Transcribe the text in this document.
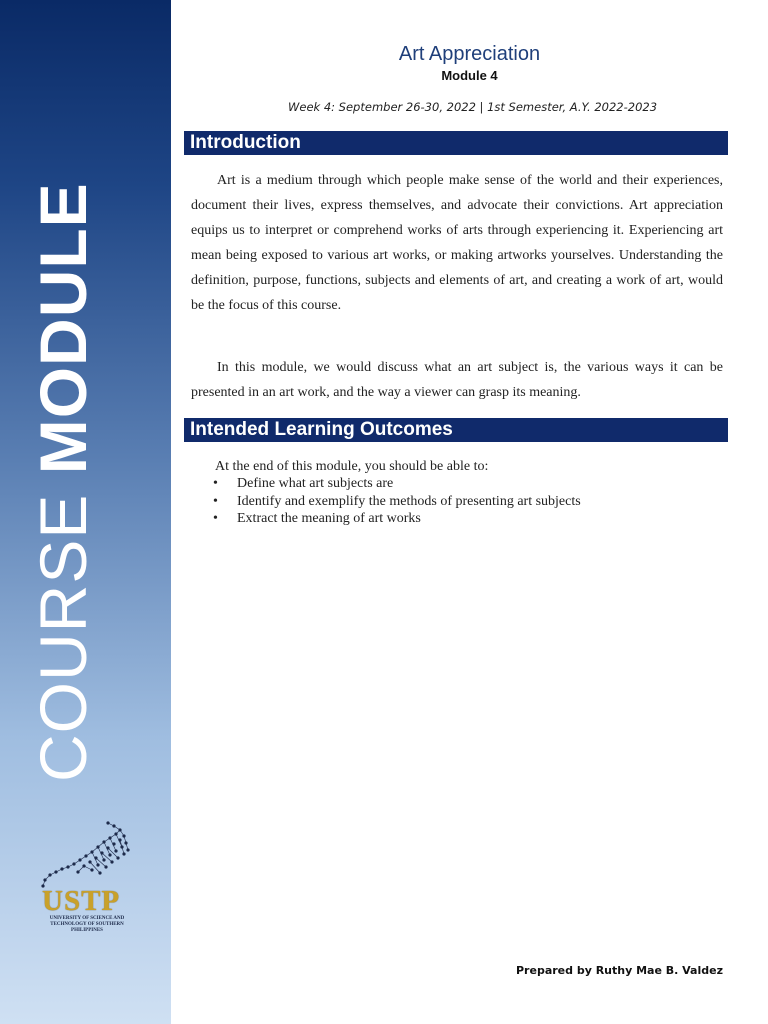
COURSE MODULE
USTP
UNIVERSITY OF SCIENCE AND TECHNOLOGY OF SOUTHERN PHILIPPINES
Art Appreciation
Module 4
Week 4: September 26-30, 2022 | 1st Semester, A.Y. 2022-2023
Introduction

Art is a medium through which people make sense of the world and their experiences, document their lives, express themselves, and advocate their convictions. Art appreciation equips us to interpret or comprehend works of arts through experiencing it. Experiencing art mean being exposed to various art works, or making artworks yourselves. Understanding the definition, purpose, functions, subjects and elements of art, and creating a work of art, would be the focus of this course.

In this module, we would discuss what an art subject is, the various ways it can be presented in an art work, and the way a viewer can grasp its meaning.

Intended Learning Outcomes
At the end of this module, you should be able to:
• Define what art subjects are
• Identify and exemplify the methods of presenting art subjects
• Extract the meaning of art works
Prepared by Ruthy Mae B. Valdez
